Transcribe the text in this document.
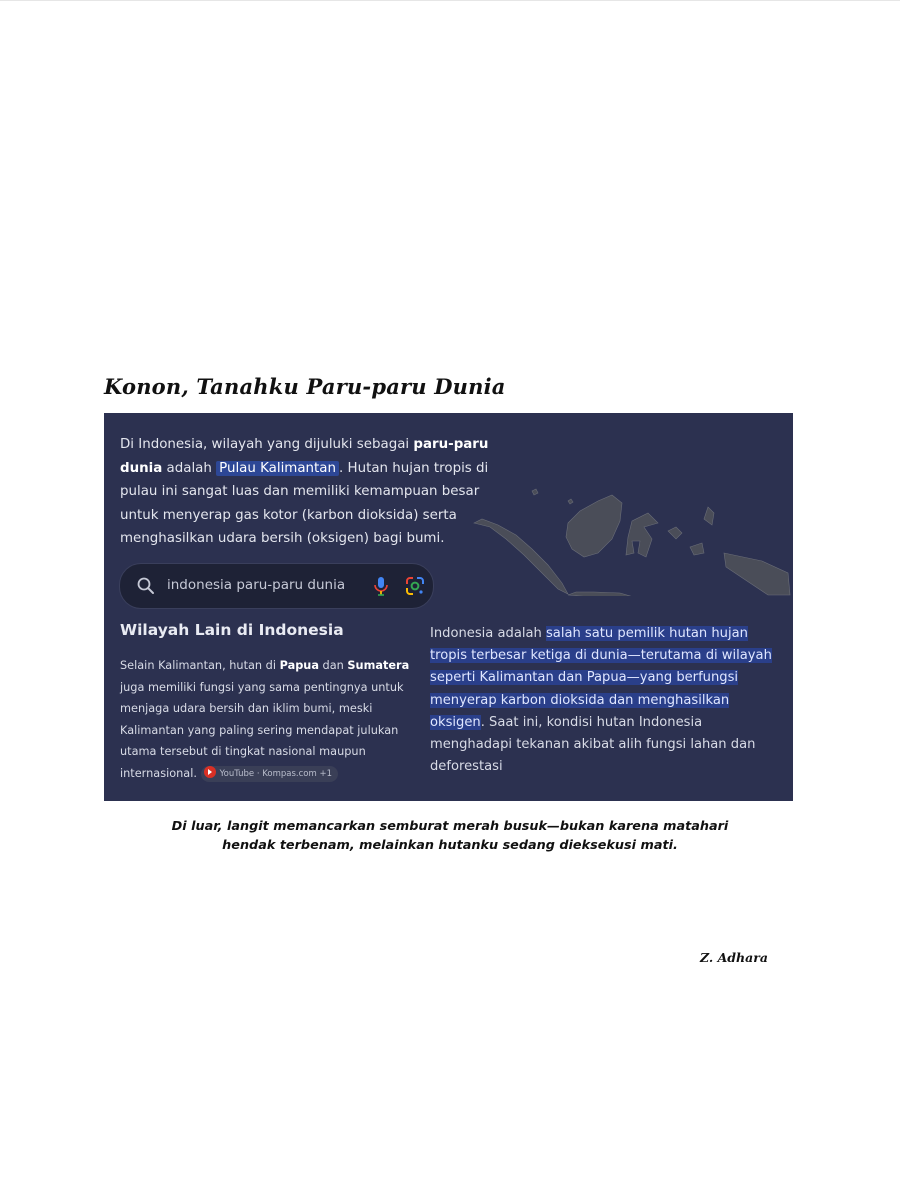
Konon, Tanahku Paru-paru Dunia
Di Indonesia, wilayah yang dijuluki sebagai paru-paru dunia adalah Pulau Kalimantan . Hutan hujan tropis di pulau ini sangat luas dan memiliki kemampuan besar untuk menyerap gas kotor (karbon dioksida) serta menghasilkan udara bersih (oksigen) bagi bumi.
indonesia paru-paru dunia
Wilayah Lain di Indonesia
Selain Kalimantan, hutan di Papua dan Sumatera juga memiliki fungsi yang sama pentingnya untuk menjaga udara bersih dan iklim bumi, meski Kalimantan yang paling sering mendapat julukan utama tersebut di tingkat nasional maupun internasional.	YouTube · Kompas.com +1
Indonesia adalah salah satu pemilik hutan hujan tropis terbesar ketiga di dunia—terutama di wilayah seperti Kalimantan dan Papua—yang berfungsi menyerap karbon dioksida dan menghasilkan oksigen. Saat ini, kondisi hutan Indonesia menghadapi tekanan akibat alih fungsi lahan dan deforestasi
Di luar, langit memancarkan semburat merah busuk—bukan karena matahari
hendak terbenam, melainkan hutanku sedang dieksekusi mati.
Z. Adhara
